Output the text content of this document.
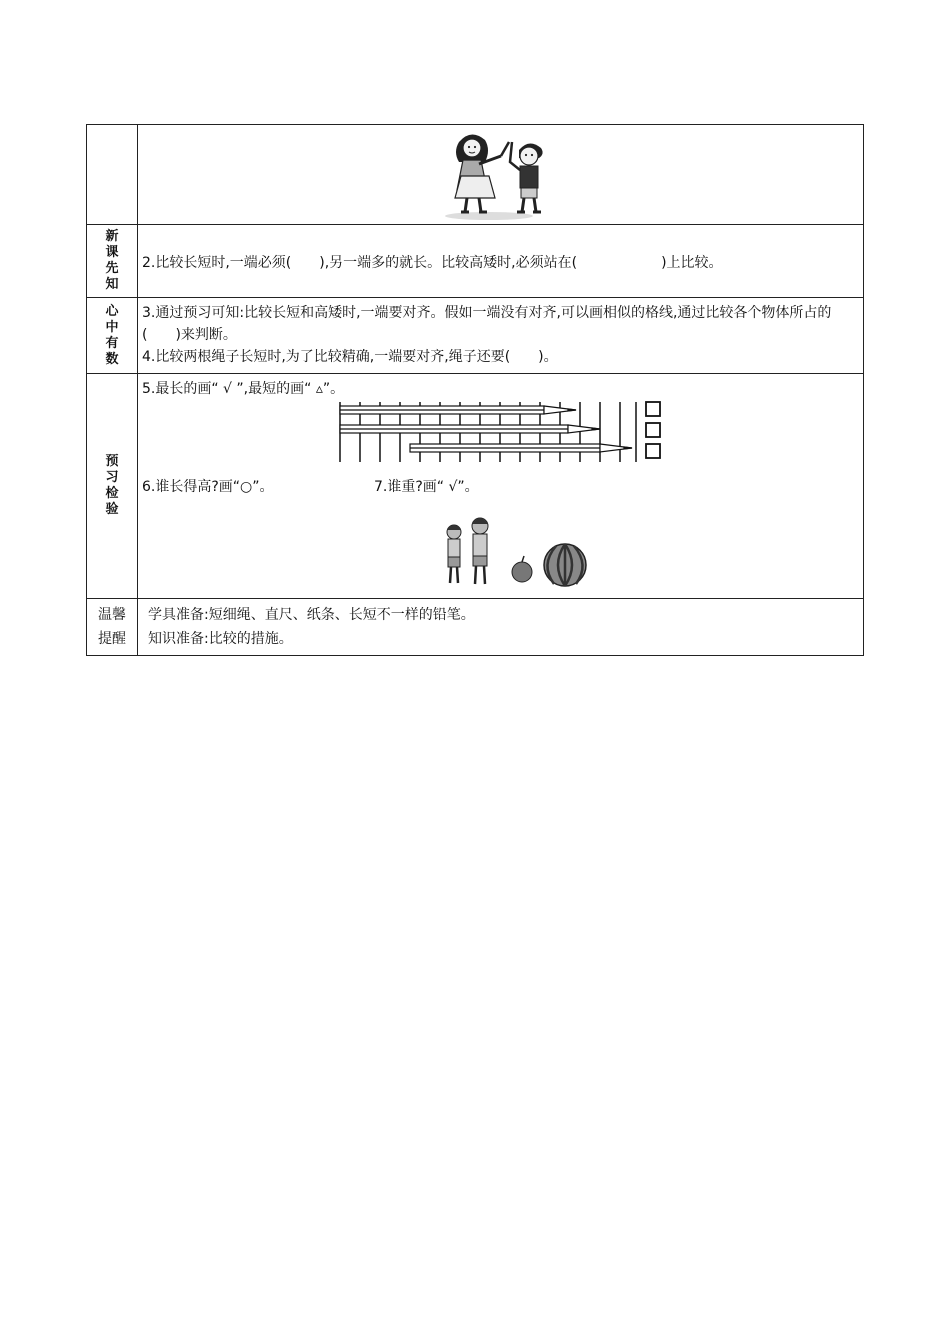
新课先知	2.比较长短时,一端必须(　　),另一端多的就长。比较高矮时,必须站在(　　　　　　)上比较。

心中有数	3.通过预习可知:比较长短和高矮时,一端要对齐。假如一端没有对齐,可以画相似的格线,通过比较各个物体所占的(　　)来判断。
4.比较两根绳子长短时,为了比较精确,一端要对齐,绳子还要(　　)。

预习检验	5.最长的画“ √ ”,最短的画“ ▵”。
6.谁长得高?画“○”。 7.谁重?画“ √”。

温馨提醒	学具准备:短细绳、直尺、纸条、长短不一样的铅笔。
知识准备:比较的措施。
